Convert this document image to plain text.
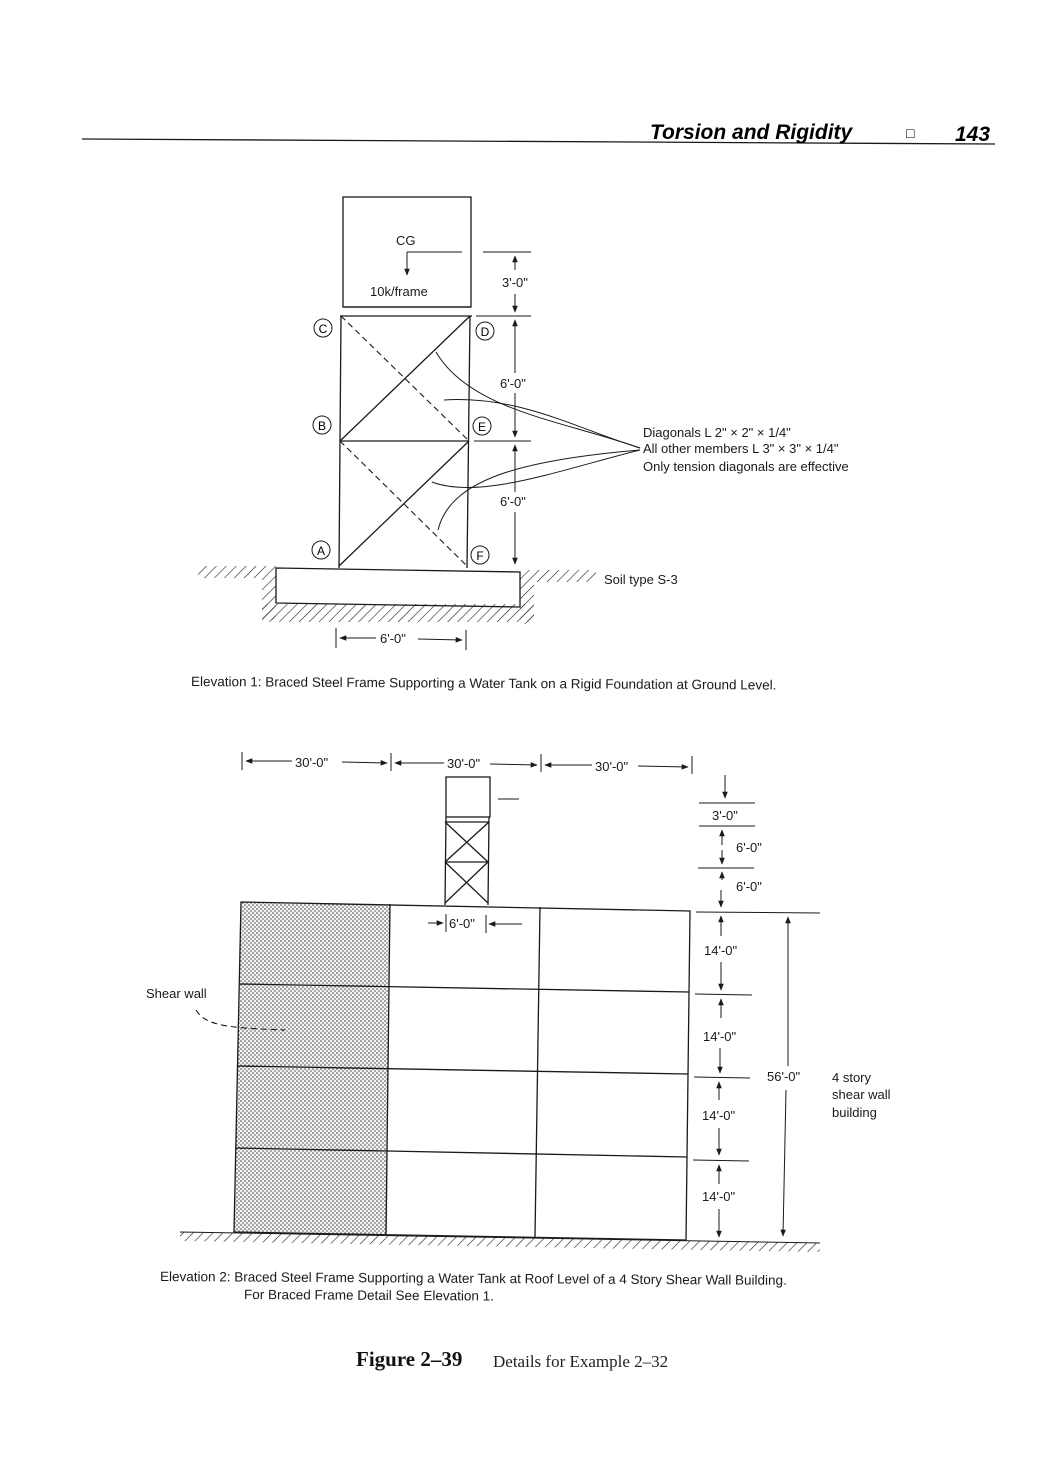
Torsion and Rigidity	□ 143
CG
10k/frame
C	D
B	E
A	F
3'-0"
6'-0"
6'-0"
Diagonals L 2" × 2" × 1/4"
All other members L 3" × 3" × 1/4"
Only tension diagonals are effective
Soil type S-3
6'-0"
Elevation 1: Braced Steel Frame Supporting a Water Tank on a Rigid Foundation at Ground Level.
30'-0"	30'-0"	30'-0"
6'-0"
Shear wall
3'-0"
6'-0"
6'-0"
14'-0"
14'-0"
14'-0"
14'-0"
56'-0" 4 story
shear wall
building
Elevation 2: Braced Steel Frame Supporting a Water Tank at Roof Level of a 4 Story Shear Wall Building.
For Braced Frame Detail See Elevation 1.
Figure 2–39 Details for Example 2–32
